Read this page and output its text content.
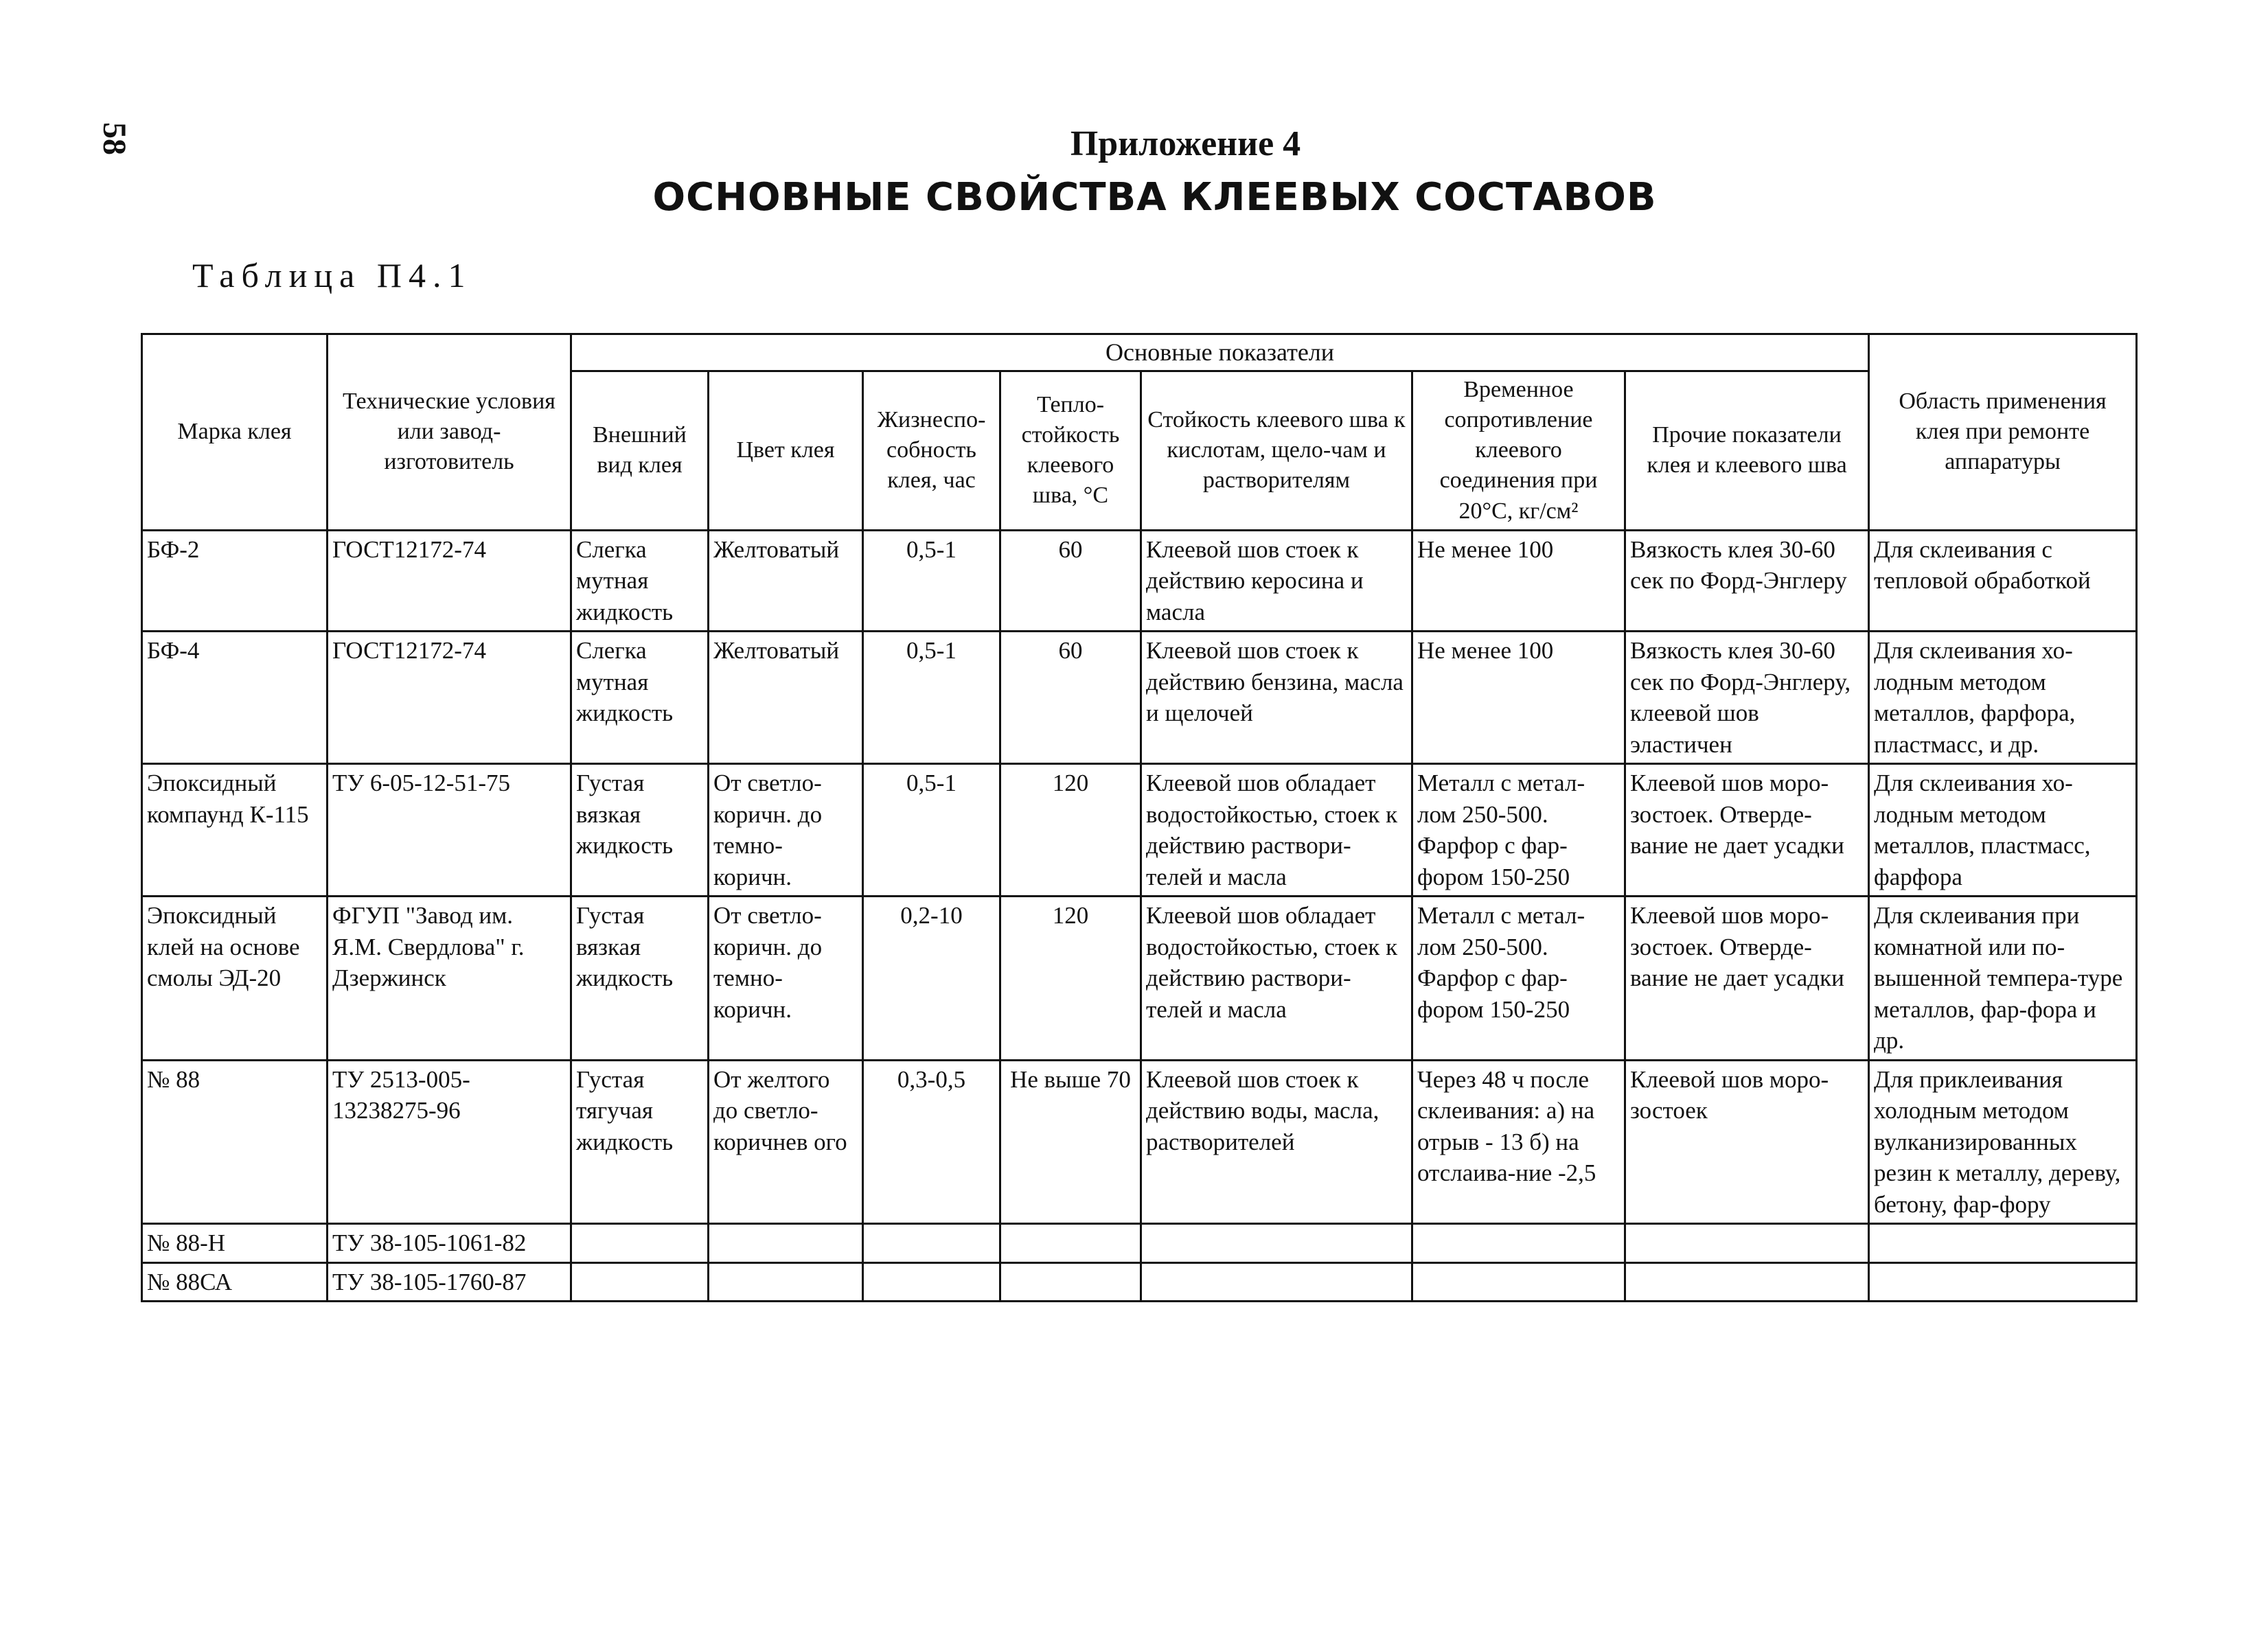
58	Приложение 4
ОСНОВНЫЕ СВОЙСТВА КЛЕЕВЫХ СОСТАВОВ
Таблица П4.1
Марка клея	Технические условия или завод-изготовитель	Основные показатели							Область применения клея при ремонте аппаратуры
		Внешний вид клея	Цвет клея	Жизнеспо-собность клея, час	Тепло-стойкость клеевого шва, °С	Стойкость клеевого шва к кислотам, щело-чам и растворителям	Временное сопротивление клеевого соединения при 20°С, кг/см²	Прочие показатели клея и клеевого шва	
БФ-2	ГОСТ12172-74	Слегка мутная жидкость	Желтоватый	0,5-1	60	Клеевой шов стоек к действию керосина и масла	Не менее 100	Вязкость клея 30-60 сек по Форд-Энглеру	Для склеивания с тепловой обработкой
БФ-4	ГОСТ12172-74	Слегка мутная жидкость	Желтоватый	0,5-1	60	Клеевой шов стоек к действию бензина, масла и щелочей	Не менее 100	Вязкость клея 30-60 сек по Форд-Энглеру, клеевой шов эластичен	Для склеивания хо-лодным методом металлов, фарфора, пластмасс, и др.
Эпоксидный компаунд К-115	ТУ 6-05-12-51-75	Густая вязкая жидкость	От светло-коричн. до темно-коричн.	0,5-1	120	Клеевой шов обладает водостойкостью, стоек к действию раствори-телей и масла	Металл с метал-лом 250-500. Фарфор с фар-фором 150-250	Клеевой шов моро-зостоек. Отверде-вание не дает усадки	Для склеивания хо-лодным методом металлов, пластмасс, фарфора
Эпоксидный клей на основе смолы ЭД-20	ФГУП "Завод им. Я.М. Свердлова" г. Дзержинск	Густая вязкая жидкость	От светло-коричн. до темно-коричн.	0,2-10	120	Клеевой шов обладает водостойкостью, стоек к действию раствори-телей и масла	Металл с метал-лом 250-500. Фарфор с фар-фором 150-250	Клеевой шов моро-зостоек. Отверде-вание не дает усадки	Для склеивания при комнатной или по-вышенной темпера-туре металлов, фар-фора и др.
№ 88	ТУ 2513-005-13238275-96	Густая тягучая жидкость	От желтого до светло-коричнев ого	0,3-0,5	Не выше 70	Клеевой шов стоек к действию воды, масла, растворителей	Через 48 ч после склеивания: а) на отрыв - 13 б) на отслаива-ние -2,5	Клеевой шов моро-зостоек	Для приклеивания холодным методом вулканизированных резин к металлу, дереву, бетону, фар-фору
№ 88-Н	ТУ 38-105-1061-82								
№ 88СА	ТУ 38-105-1760-87								
